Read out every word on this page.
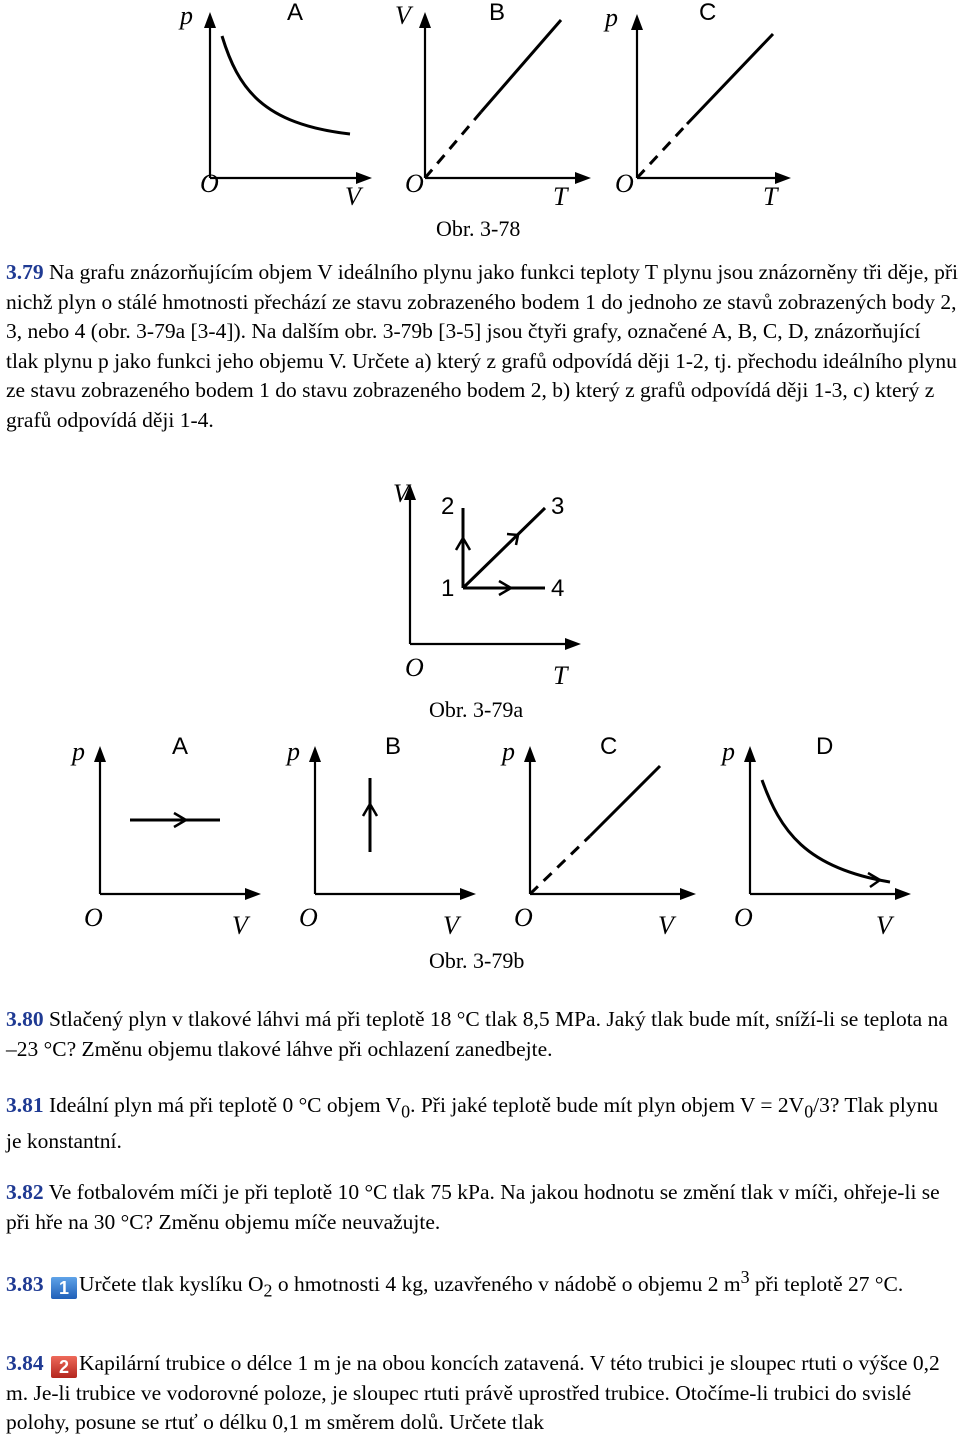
p	A
O	V
V	B
O	T
p	C
O	T
Obr. 3-78
3.79 Na grafu znázorňujícím objem V ideálního plynu jako funkci teploty T plynu jsou znázorněny tři děje, při nichž plyn o stálé hmotnosti přechází ze stavu zobrazeného bodem 1 do jednoho ze stavů zobrazených body 2, 3, nebo 4 (obr. 3-79a [3-4]). Na dalším obr. 3-79b [3-5] jsou čtyři grafy, označené A, B, C, D, znázorňující tlak plynu p jako funkci jeho objemu V. Určete a) který z grafů odpovídá ději 1-2, tj. přechodu ideálního plynu ze stavu zobrazeného bodem 1 do stavu zobrazeného bodem 2, b) který z grafů odpovídá ději 1-3, c) který z grafů odpovídá ději 1-4.
V
O	T
1
2	3
4
Obr. 3-79a
p	A
O	V
p	B
O	V
p	C
O	V
p	D
O	V
Obr. 3-79b
3.80 Stlačený plyn v tlakové láhvi má při teplotě 18 °C tlak 8,5 MPa. Jaký tlak bude mít, sníží-li se teplota na –23 °C? Změnu objemu tlakové láhve při ochlazení zanedbejte.
3.81 Ideální plyn má při teplotě 0 °C objem $V_0$. Při jaké teplotě bude mít plyn objem $V = 2V_0/3$? Tlak plynu je konstantní.
3.82 Ve fotbalovém míči je při teplotě 10 °C tlak 75 kPa. Na jakou hodnotu se změní tlak v míči, ohřeje-li se při hře na 30 °C? Změnu objemu míče neuvažujte.
3.83 1 Určete tlak kyslíku $O_2$ o hmotnosti 4 kg, uzavřeného v nádobě o objemu 2 $m^3$ při teplotě 27 °C.
3.84 2 Kapilární trubice o délce 1 m je na obou koncích zatavená. V této trubici je sloupec rtuti o výšce 0,2 m. Je-li trubice ve vodorovné poloze, je sloupec rtuti právě uprostřed trubice. Otočíme-li trubici do svislé polohy, posune se rtuť o délku 0,1 m směrem dolů. Určete tlak
